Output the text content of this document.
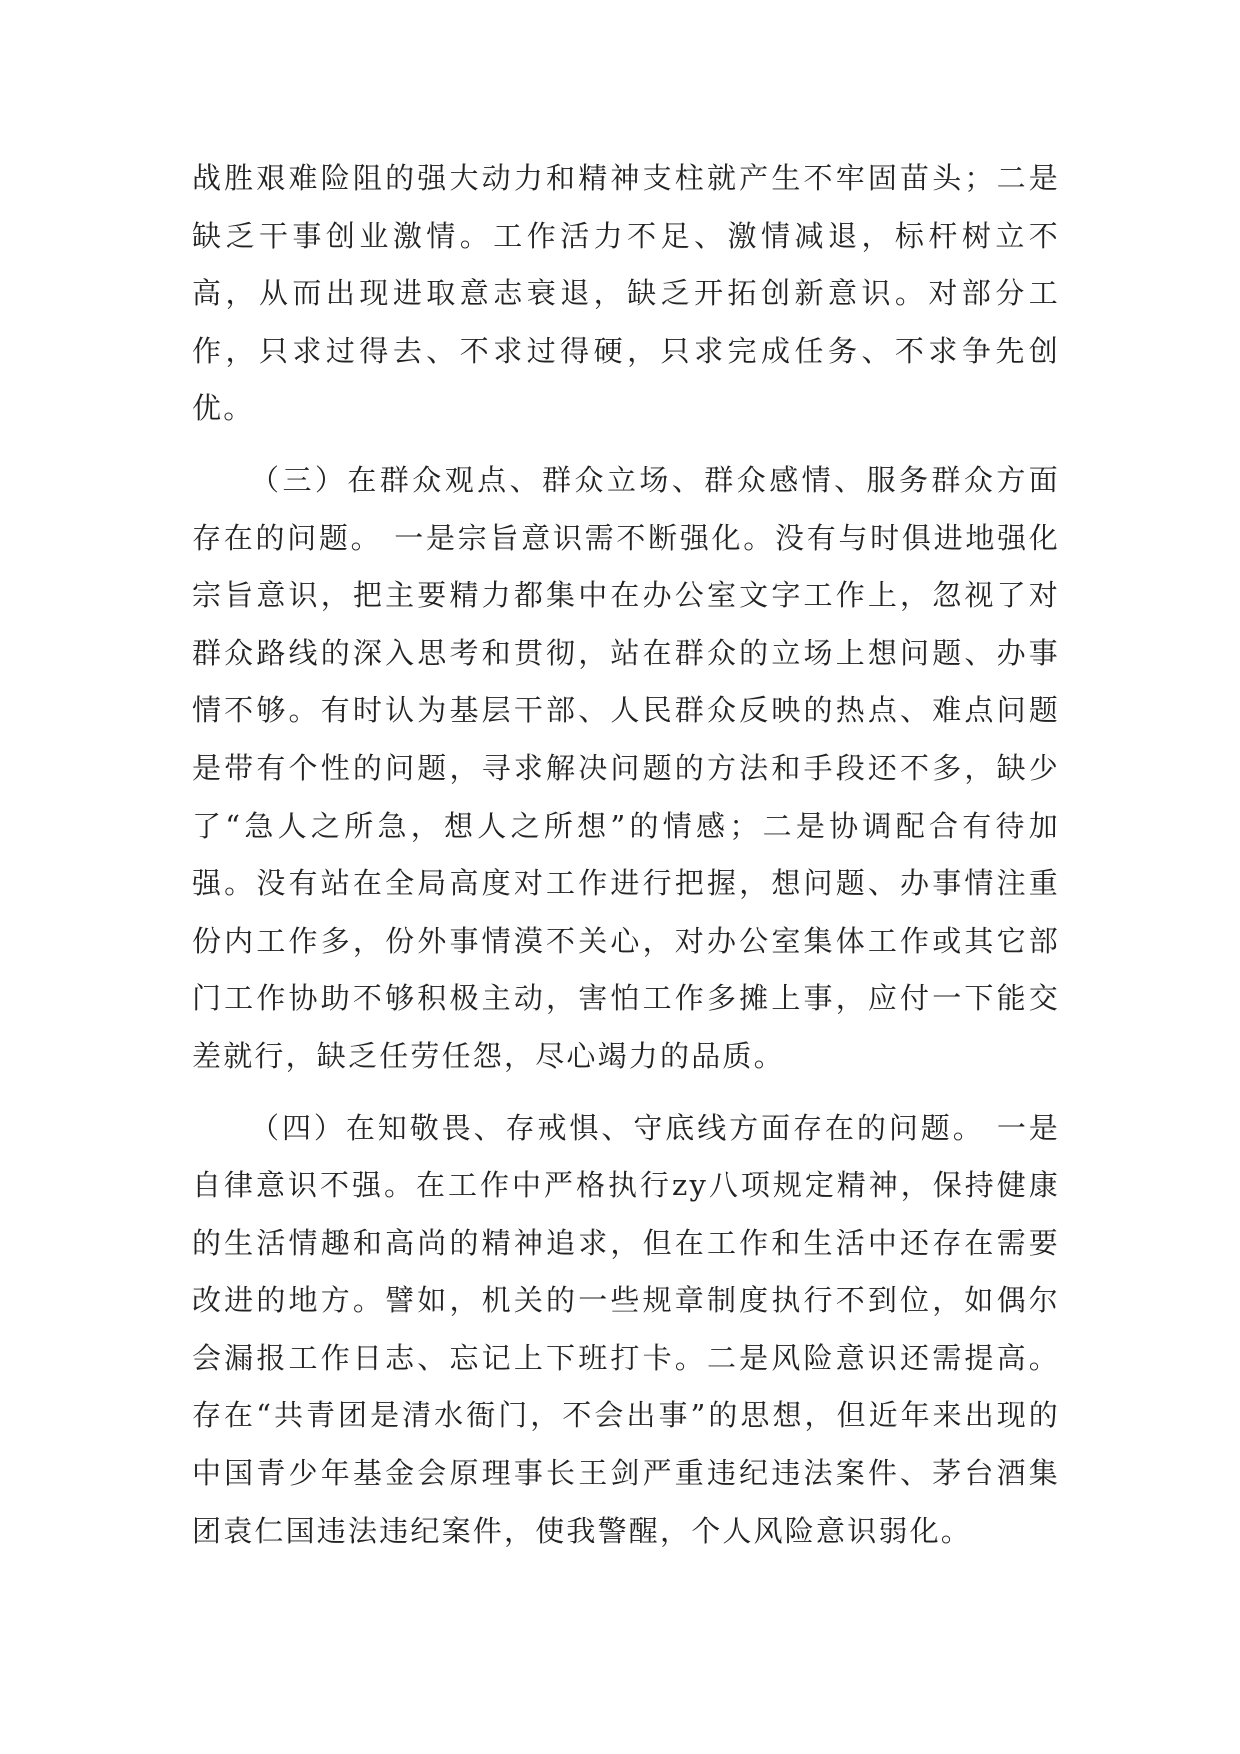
战胜艰难险阻的强大动力和精神支柱就产生不牢固苗头；二是缺乏干事创业激情。工作活力不足、激情减退，标杆树立不高，从而出现进取意志衰退，缺乏开拓创新意识。对部分工作，只求过得去、不求过得硬，只求完成任务、不求争先创优。

（三）在群众观点、群众立场、群众感情、服务群众方面存在的问题。 一是宗旨意识需不断强化。没有与时俱进地强化宗旨意识，把主要精力都集中在办公室文字工作上，忽视了对群众路线的深入思考和贯彻，站在群众的立场上想问题、办事情不够。有时认为基层干部、人民群众反映的热点、难点问题是带有个性的问题，寻求解决问题的方法和手段还不多，缺少了“急人之所急，想人之所想”的情感；二是协调配合有待加强。没有站在全局高度对工作进行把握，想问题、办事情注重份内工作多，份外事情漠不关心，对办公室集体工作或其它部门工作协助不够积极主动，害怕工作多摊上事，应付一下能交差就行，缺乏任劳任怨，尽心竭力的品质。

（四）在知敬畏、存戒惧、守底线方面存在的问题。 一是自律意识不强。在工作中严格执行zy八项规定精神，保持健康的生活情趣和高尚的精神追求，但在工作和生活中还存在需要改进的地方。譬如，机关的一些规章制度执行不到位，如偶尔会漏报工作日志、忘记上下班打卡。二是风险意识还需提高。存在“共青团是清水衙门，不会出事”的思想，但近年来出现的中国青少年基金会原理事长王剑严重违纪违法案件、茅台酒集团袁仁国违法违纪案件，使我警醒，个人风险意识弱化。
